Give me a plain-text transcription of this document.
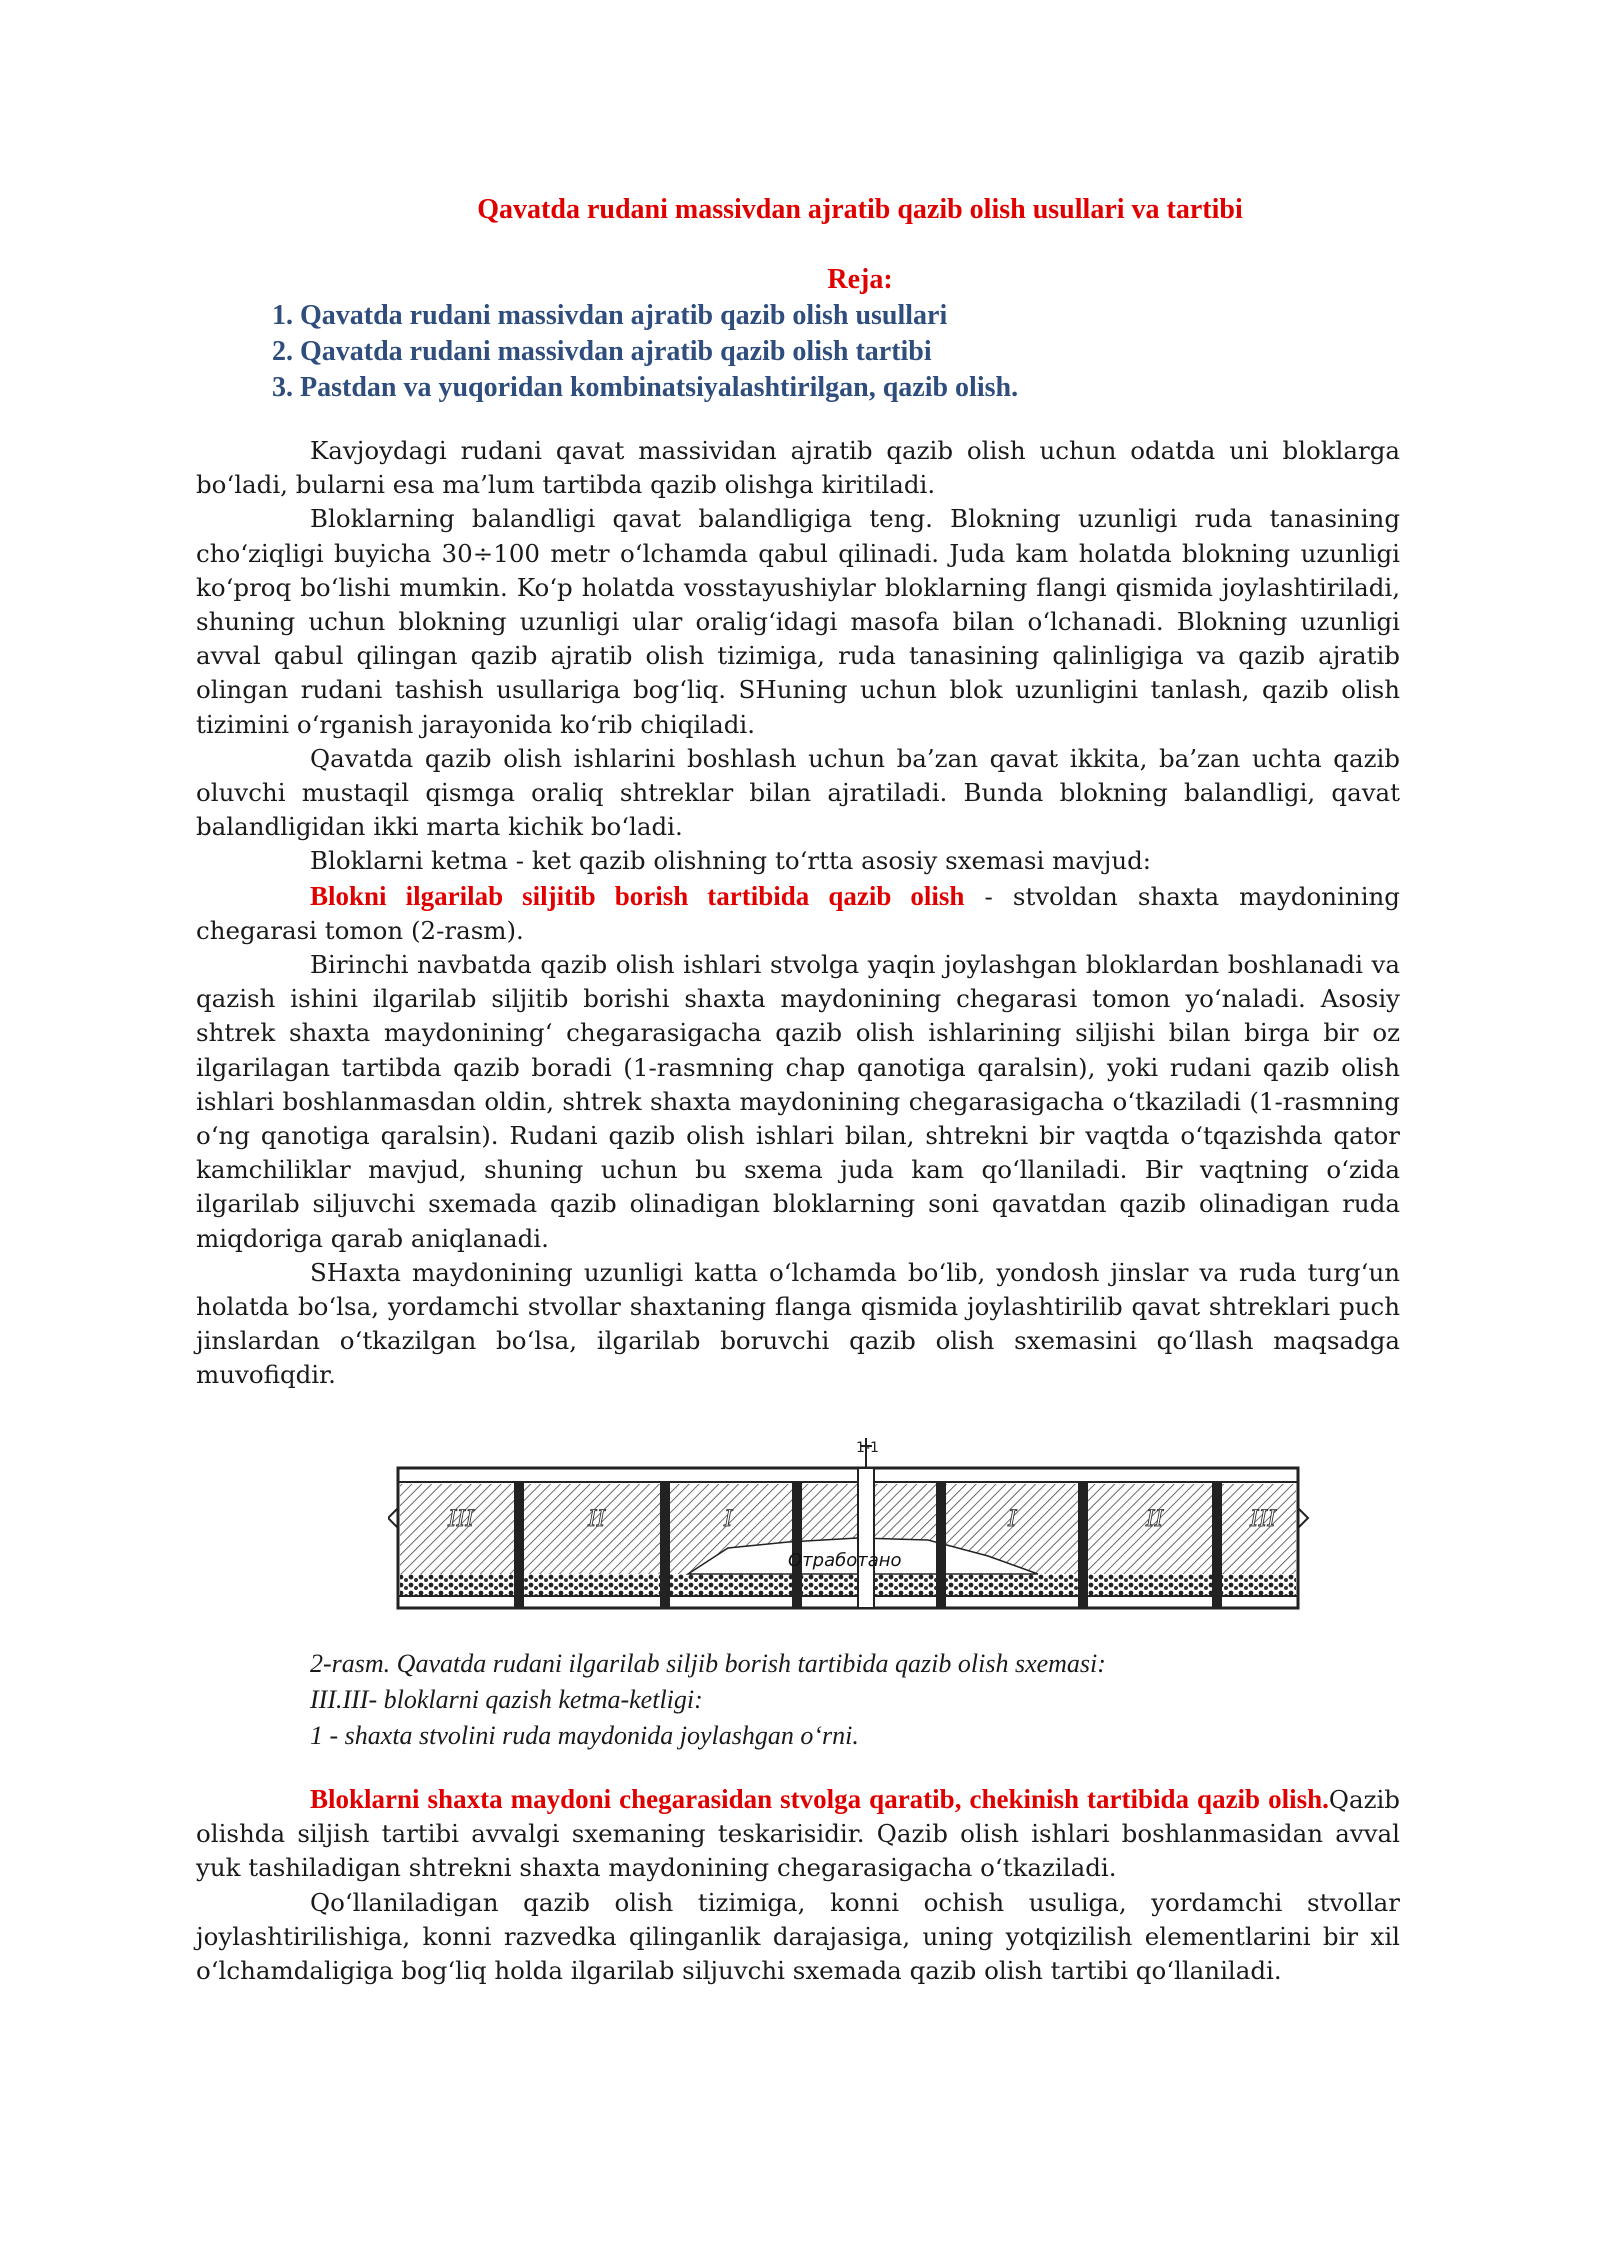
Qavatda rudani massivdan ajratib qazib olish usullari va tartibi
Reja:
1. Qavatda rudani massivdan ajratib qazib olish usullari
2. Qavatda rudani massivdan ajratib qazib olish tartibi
3. Pastdan va yuqoridan kombinatsiyalashtirilgan, qazib olish.

Kavjoydagi rudani qavat massividan ajratib qazib olish uchun odatda uni bloklarga bo‘ladi, bularni esa ma’lum tartibda qazib olishga kiritiladi.

Bloklarning balandligi qavat balandligiga teng. Blokning uzunligi ruda tanasining cho‘ziqligi buyicha 30÷100 metr o‘lchamda qabul qilinadi. Juda kam holatda blokning uzunligi ko‘proq bo‘lishi mumkin. Ko‘p holatda vosstayushiylar bloklarning flangi qismida joylashtiriladi, shuning uchun blokning uzunligi ular oralig‘idagi masofa bilan o‘lchanadi. Blokning uzunligi avval qabul qilingan qazib ajratib olish tizimiga, ruda tanasining qalinligiga va qazib ajratib olingan rudani tashish usullariga bog‘liq. SHuning uchun blok uzunligini tanlash, qazib olish tizimini o‘rganish jarayonida ko‘rib chiqiladi.

Qavatda qazib olish ishlarini boshlash uchun ba’zan qavat ikkita, ba’zan uchta qazib oluvchi mustaqil qismga oraliq shtreklar bilan ajratiladi. Bunda blokning balandligi, qavat balandligidan ikki marta kichik bo‘ladi.

Bloklarni ketma - ket qazib olishning to‘rtta asosiy sxemasi mavjud:

Blokni ilgarilab siljitib borish tartibida qazib olish - stvoldan shaxta maydonining chegarasi tomon (2-rasm).

Birinchi navbatda qazib olish ishlari stvolga yaqin joylashgan bloklardan boshlanadi va qazish ishini ilgarilab siljitib borishi shaxta maydonining chegarasi tomon yo‘naladi. Asosiy shtrek shaxta maydonining‘ chegarasigacha qazib olish ishlarining siljishi bilan birga bir oz ilgarilagan tartibda qazib boradi (1-rasmning chap qanotiga qaralsin), yoki rudani qazib olish ishlari boshlanmasdan oldin, shtrek shaxta maydonining chegarasigacha o‘tkaziladi (1-rasmning o‘ng qanotiga qaralsin). Rudani qazib olish ishlari bilan, shtrekni bir vaqtda o‘tqazishda qator kamchiliklar mavjud, shuning uchun bu sxema juda kam qo‘llaniladi. Bir vaqtning o‘zida ilgarilab siljuvchi sxemada qazib olinadigan bloklarning soni qavatdan qazib olinadigan ruda miqdoriga qarab aniqlanadi.

SHaxta maydonining uzunligi katta o‘lchamda bo‘lib, yondosh jinslar va ruda turg‘un holatda bo‘lsa, yordamchi stvollar shaxtaning flanga qismida joylashtirilib qavat shtreklari puch jinslardan o‘tkazilgan bo‘lsa, ilgarilab boruvchi qazib olish sxemasini qo‘llash maqsadga muvofiqdir.

1-1
III	II	I	I	II	III
Отработано
2-rasm. Qavatda rudani ilgarilab siljib borish tartibida qazib olish sxemasi:
III.III- bloklarni qazish ketma-ketligi:
1 - shaxta stvolini ruda maydonida joylashgan o‘rni.

Bloklarni shaxta maydoni chegarasidan stvolga qaratib, chekinish tartibida qazib olish.Qazib olishda siljish tartibi avvalgi sxemaning teskarisidir. Qazib olish ishlari boshlanmasidan avval yuk tashiladigan shtrekni shaxta maydonining chegarasigacha o‘tkaziladi.

Qo‘llaniladigan qazib olish tizimiga, konni ochish usuliga, yordamchi stvollar joylashtirilishiga, konni razvedka qilinganlik darajasiga, uning yotqizilish elementlarini bir xil o‘lchamdaligiga bog‘liq holda ilgarilab siljuvchi sxemada qazib olish tartibi qo‘llaniladi.
